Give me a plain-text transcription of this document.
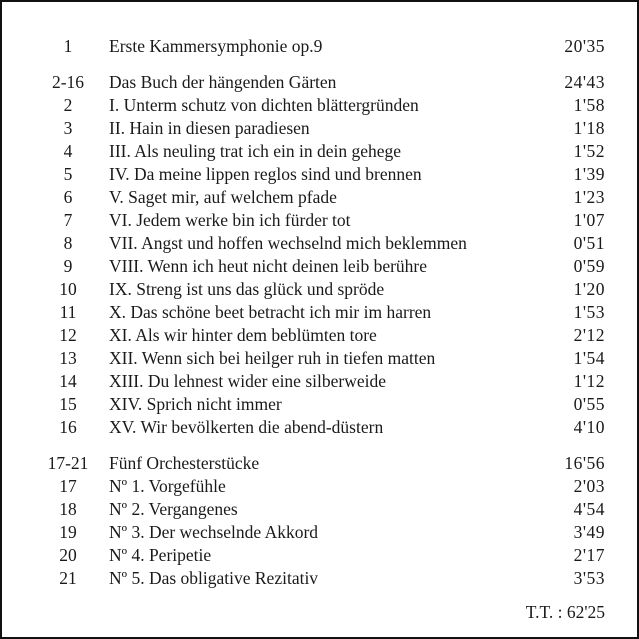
1	Erste Kammersymphonie op.9	20'35
2-16	Das Buch der hängenden Gärten	24'43
2	I. Unterm schutz von dichten blättergründen	1'58
3	II. Hain in diesen paradiesen	1'18
4	III. Als neuling trat ich ein in dein gehege	1'52
5	IV. Da meine lippen reglos sind und brennen	1'39
6	V. Saget mir, auf welchem pfade	1'23
7	VI. Jedem werke bin ich fürder tot	1'07
8	VII. Angst und hoffen wechselnd mich beklemmen	0'51
9	VIII. Wenn ich heut nicht deinen leib berühre	0'59
10	IX. Streng ist uns das glück und spröde	1'20
11	X. Das schöne beet betracht ich mir im harren	1'53
12	XI. Als wir hinter dem beblümten tore	2'12
13	XII. Wenn sich bei heilger ruh in tiefen matten	1'54
14	XIII. Du lehnest wider eine silberweide	1'12
15	XIV. Sprich nicht immer	0'55
16	XV. Wir bevölkerten die abend-düstern	4'10
17-21 Fünf Orchesterstücke	16'56
17	Nº 1. Vorgefühle	2'03
18	Nº 2. Vergangenes	4'54
19	Nº 3. Der wechselnde Akkord	3'49
20	Nº 4. Peripetie	2'17
21	Nº 5. Das obligative Rezitativ	3'53
T.T. : 62'25
